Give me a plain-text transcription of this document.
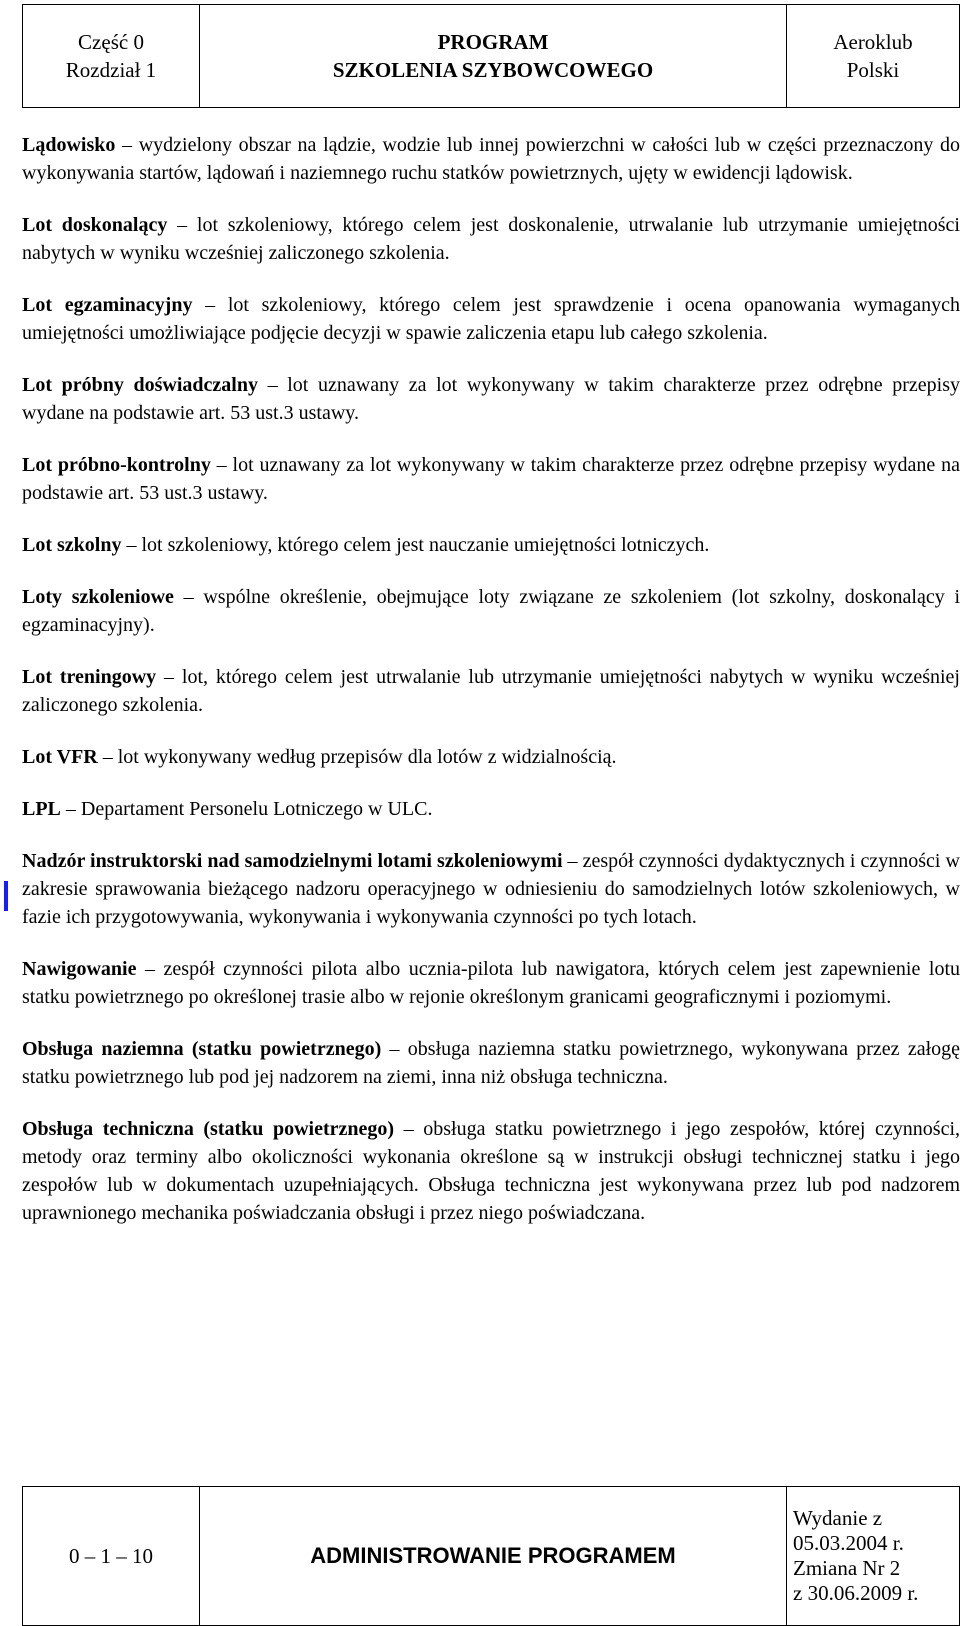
Część 0
Rozdział 1
PROGRAM
SZKOLENIA SZYBOWCOWEGO
Aeroklub
Polski

Lądowisko – wydzielony obszar na lądzie, wodzie lub innej powierzchni w całości lub w części przeznaczony do wykonywania startów, lądowań i naziemnego ruchu statków powietrznych, ujęty w ewidencji lądowisk.

Lot doskonalący – lot szkoleniowy, którego celem jest doskonalenie, utrwalanie lub utrzymanie umiejętności nabytych w wyniku wcześniej zaliczonego szkolenia.

Lot egzaminacyjny – lot szkoleniowy, którego celem jest sprawdzenie i ocena opanowania wymaganych umiejętności umożliwiające podjęcie decyzji w spawie zaliczenia etapu lub całego szkolenia.

Lot próbny doświadczalny – lot uznawany za lot wykonywany w takim charakterze przez odrębne przepisy wydane na podstawie art. 53 ust.3 ustawy.

Lot próbno-kontrolny – lot uznawany za lot wykonywany w takim charakterze przez odrębne przepisy wydane na podstawie art. 53 ust.3 ustawy.

Lot szkolny – lot szkoleniowy, którego celem jest nauczanie umiejętności lotniczych.

Loty szkoleniowe – wspólne określenie, obejmujące loty związane ze szkoleniem (lot szkolny, doskonalący i egzaminacyjny).

Lot treningowy – lot, którego celem jest utrwalanie lub utrzymanie umiejętności nabytych w wyniku wcześniej zaliczonego szkolenia.

Lot VFR – lot wykonywany według przepisów dla lotów z widzialnością.

LPL – Departament Personelu Lotniczego w ULC.

Nadzór instruktorski nad samodzielnymi lotami szkoleniowymi – zespół czynności dydaktycznych i czynności w zakresie sprawowania bieżącego nadzoru operacyjnego w odniesieniu do samodzielnych lotów szkoleniowych, w fazie ich przygotowywania, wykonywania i wykonywania czynności po tych lotach.

Nawigowanie – zespół czynności pilota albo ucznia-pilota lub nawigatora, których celem jest zapewnienie lotu statku powietrznego po określonej trasie albo w rejonie określonym granicami geograficznymi i poziomymi.

Obsługa naziemna (statku powietrznego) – obsługa naziemna statku powietrznego, wykonywana przez załogę statku powietrznego lub pod jej nadzorem na ziemi, inna niż obsługa techniczna.

Obsługa techniczna (statku powietrznego) – obsługa statku powietrznego i jego zespołów, której czynności, metody oraz terminy albo okoliczności wykonania określone są w instrukcji obsługi technicznej statku i jego zespołów lub w dokumentach uzupełniających. Obsługa techniczna jest wykonywana przez lub pod nadzorem uprawnionego mechanika poświadczania obsługi i przez niego poświadczana.

0 – 1 – 10	ADMINISTROWANIE PROGRAMEM
Wydanie z
05.03.2004 r.
Zmiana Nr 2
z 30.06.2009 r.
